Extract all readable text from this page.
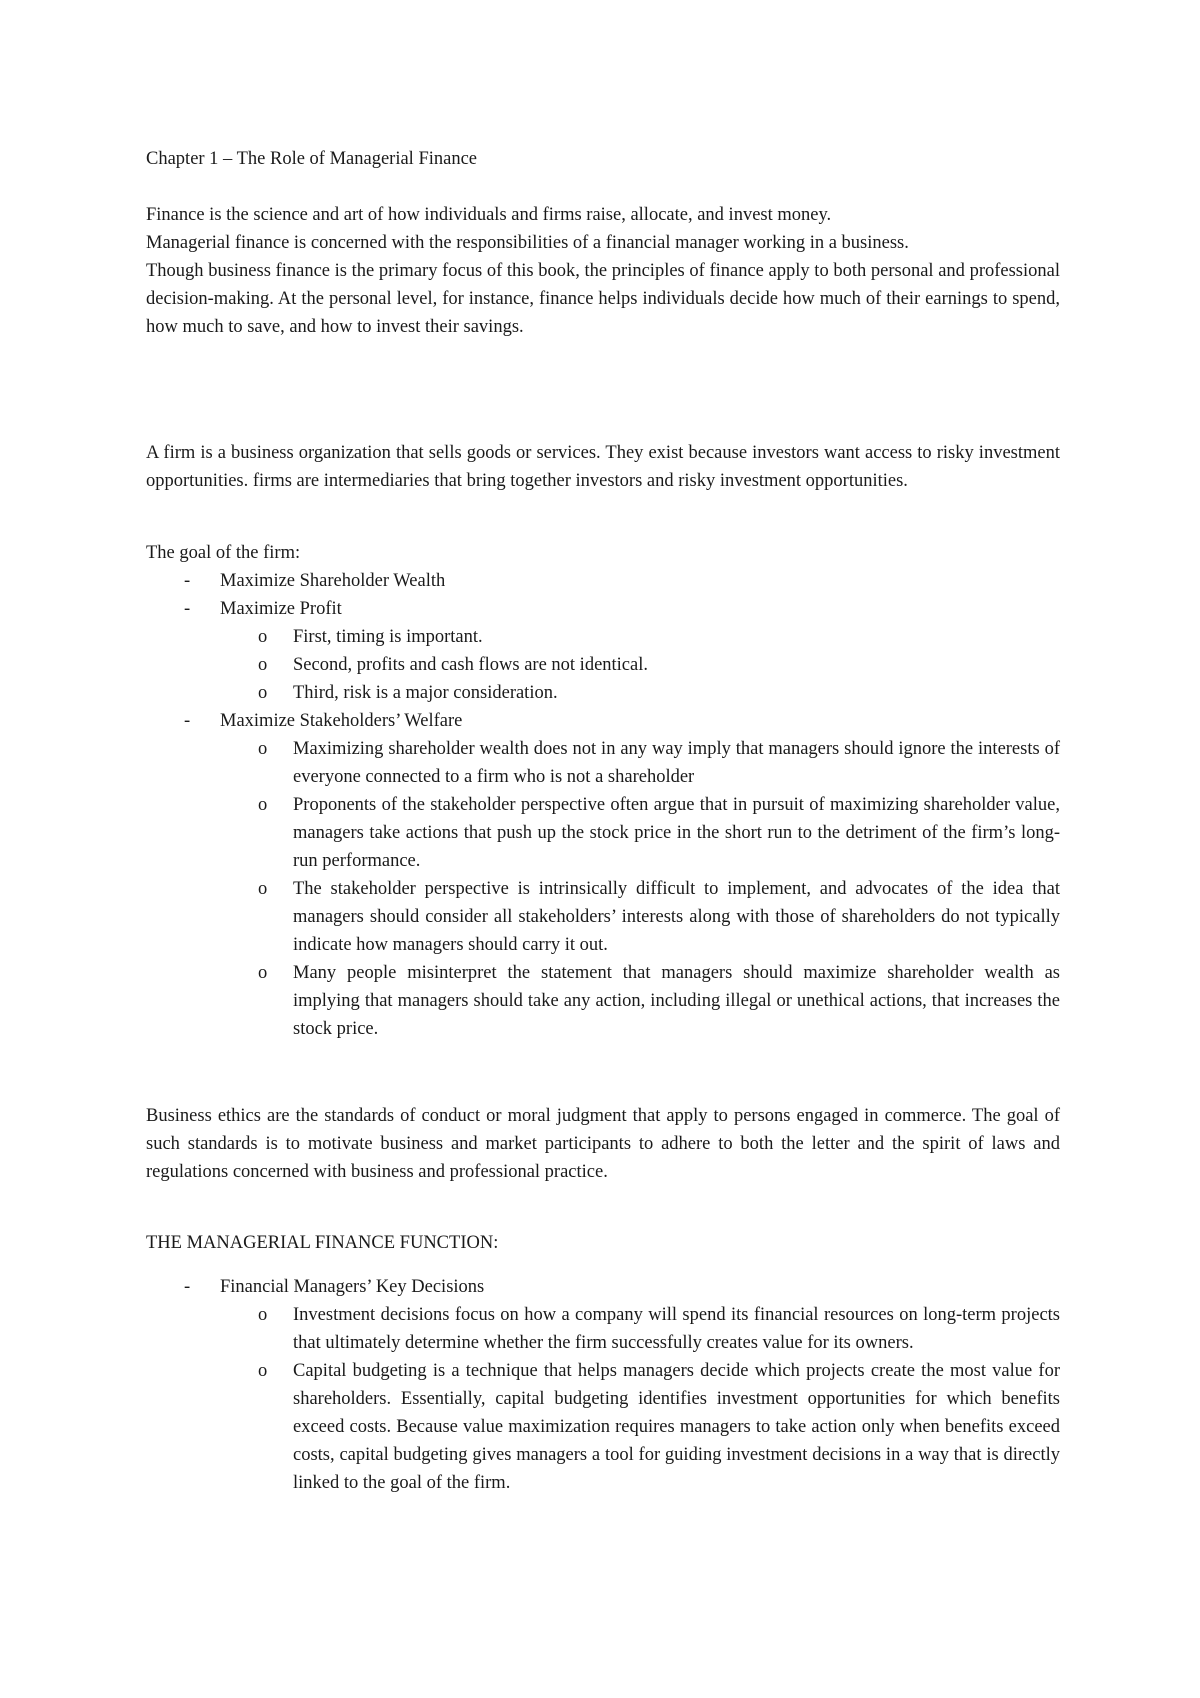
Chapter 1 – The Role of Managerial Finance

Finance is the science and art of how individuals and firms raise, allocate, and invest money.

Managerial finance is concerned with the responsibilities of a financial manager working in a business.

Though business finance is the primary focus of this book, the principles of finance apply to both personal and professional decision-making. At the personal level, for instance, finance helps individuals decide how much of their earnings to spend, how much to save, and how to invest their savings.

A firm is a business organization that sells goods or services. They exist because investors want access to risky investment opportunities. firms are intermediaries that bring together investors and risky investment opportunities.

The goal of the firm:

- Maximize Shareholder Wealth
- Maximize Profit
o First, timing is important.
o Second, profits and cash flows are not identical.
o Third, risk is a major consideration.
- Maximize Stakeholders’ Welfare
o Maximizing shareholder wealth does not in any way imply that managers should ignore the interests of everyone connected to a firm who is not a shareholder
o Proponents of the stakeholder perspective often argue that in pursuit of maximizing shareholder value, managers take actions that push up the stock price in the short run to the detriment of the firm’s long-run performance.
o The stakeholder perspective is intrinsically difficult to implement, and advocates of the idea that managers should consider all stakeholders’ interests along with those of shareholders do not typically indicate how managers should carry it out.
o Many people misinterpret the statement that managers should maximize shareholder wealth as implying that managers should take any action, including illegal or unethical actions, that increases the stock price.

Business ethics are the standards of conduct or moral judgment that apply to persons engaged in commerce. The goal of such standards is to motivate business and market participants to adhere to both the letter and the spirit of laws and regulations concerned with business and professional practice.

THE MANAGERIAL FINANCE FUNCTION:

- Financial Managers’ Key Decisions
o Investment decisions focus on how a company will spend its financial resources on long-term projects that ultimately determine whether the firm successfully creates value for its owners.
o Capital budgeting is a technique that helps managers decide which projects create the most value for shareholders. Essentially, capital budgeting identifies investment opportunities for which benefits exceed costs. Because value maximization requires managers to take action only when benefits exceed costs, capital budgeting gives managers a tool for guiding investment decisions in a way that is directly linked to the goal of the firm.
